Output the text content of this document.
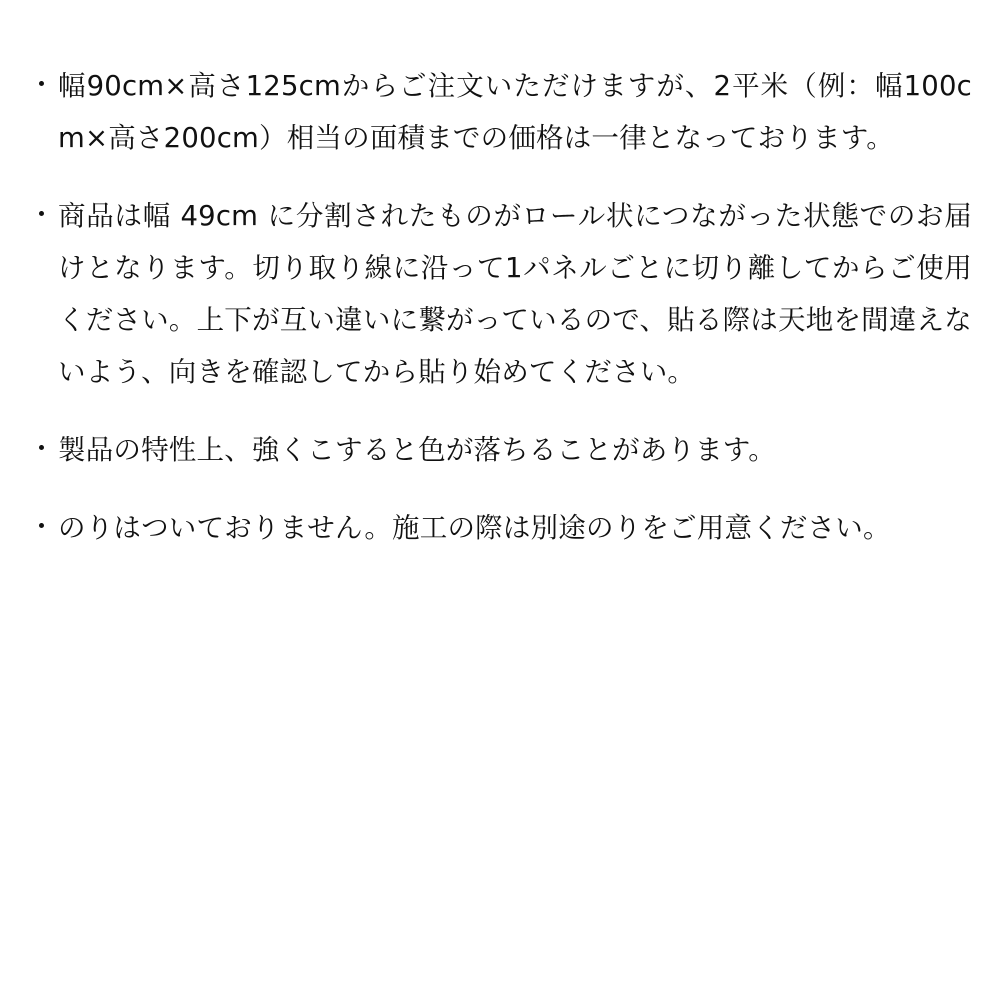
・ 幅90cm×高さ125cmからご注文いただけますが、2平米（例：幅100cm×高さ200cm）相当の面積までの価格は一律となっております。
・ 商品は幅 49cm に分割されたものがロール状につながった状態でのお届けとなります。切り取り線に沿って1パネルごとに切り離してからご使用ください。上下が互い違いに繋がっているので、貼る際は天地を間違えないよう、向きを確認してから貼り始めてください。
・ 製品の特性上、強くこすると色が落ちることがあります。
・ のりはついておりません。施工の際は別途のりをご用意ください。
